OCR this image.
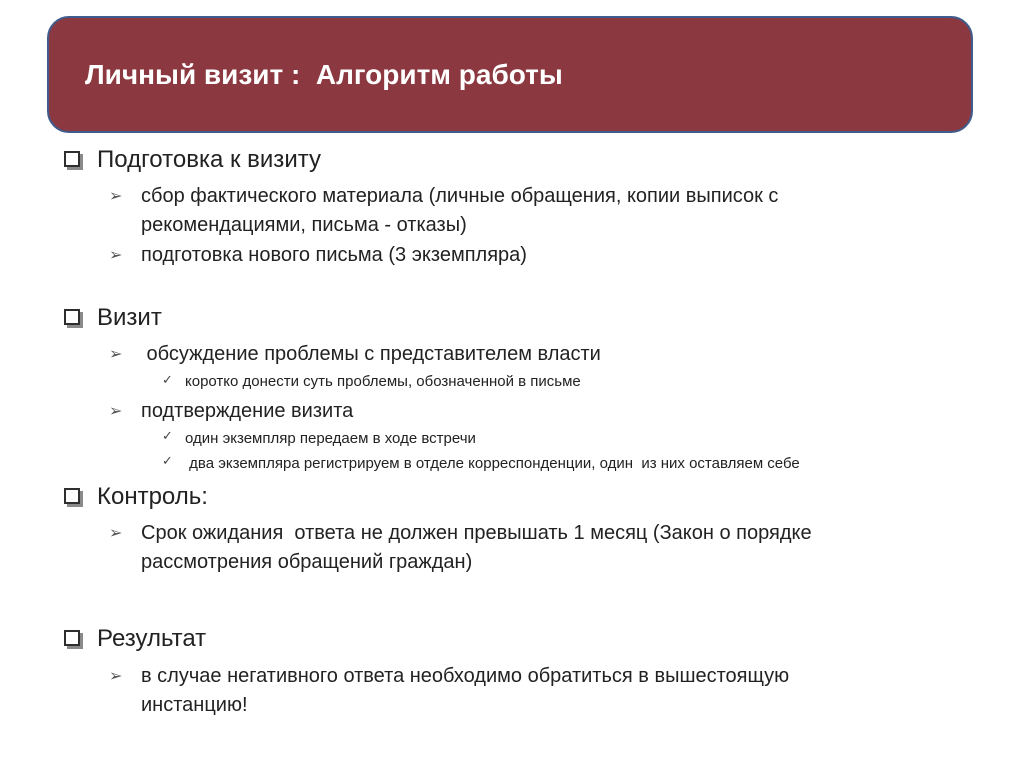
Личный визит :  Алгоритм работы
Подготовка к визиту
➢ сбор фактического материала (личные обращения, копии выписок с
рекомендациями, письма - отказы)
➢ подготовка нового письма (3 экземпляра)
Визит
➢ обсуждение проблемы с представителем власти
✓ коротко донести суть проблемы, обозначенной в письме
➢ подтверждение визита
✓ один экземпляр передаем в ходе встречи
✓ два экземпляра регистрируем в отделе корреспонденции, один  из них оставляем себе
Контроль:
➢ Срок ожидания  ответа не должен превышать 1 месяц (Закон о порядке
рассмотрения обращений граждан)
Результат
➢ в случае негативного ответа необходимо обратиться в вышестоящую
инстанцию!
